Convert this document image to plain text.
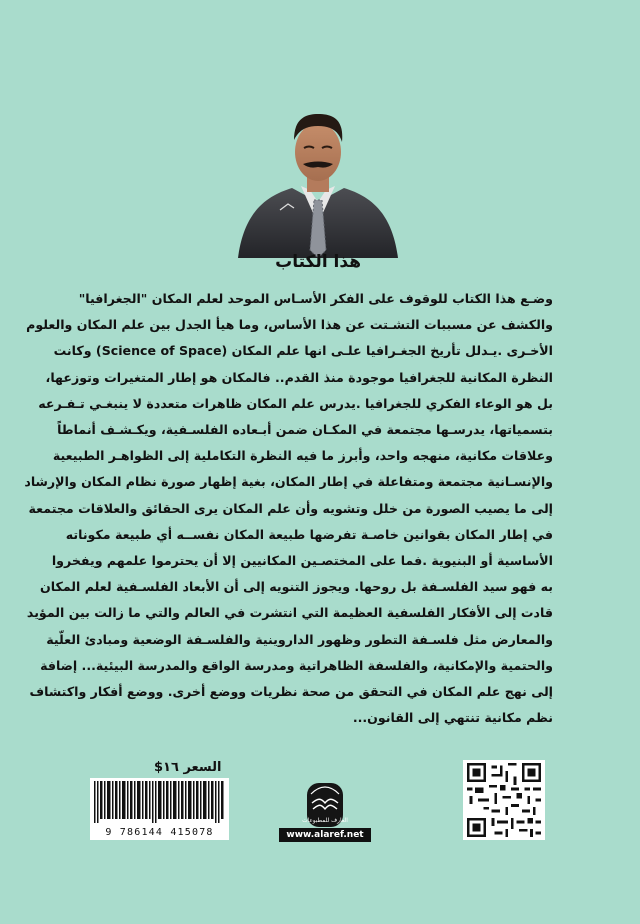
هذا الكتاب
وضـع هذا الكتاب للوقوف على الفكر الأسـاس الموحد لعلم المكان "الجغرافيا"
والكشف عن مسببات التشـتت عن هذا الأساس، وما هيأ الجدل بين علم المكان والعلوم
الأخـرى .يـدلل تأريخ الجغـرافيا علـى انها علم المكان (Science of Space) وكانت
النظرة المكانية للجغرافيا موجودة منذ القدم.. فالمكان هو إطار المتغيرات وتوزعها،
بل هو الوعاء الفكري للجغرافيا .يدرس علم المكان ظاهرات متعددة لا ينبغـي تـفـرعه
بتسمياتها، يدرسـها مجتمعة في المكـان ضمن أبـعاده الفلسـفية، ويكـشـف أنماطاً
وعلاقات مكانية، منهجه واحد، وأبرز ما فيه النظرة التكاملية إلى الظواهـر الطبيعية
والإنسـانية مجتمعة ومتفاعلة في إطار المكان، بغية إظهار صورة نظام المكان والإرشاد
إلى ما يصيب الصورة من خلل وتشويه وأن علم المكان يرى الحقائق والعلاقات مجتمعة
في إطار المكان بقوانين خاصـة تفرضها طبيعة المكان نفســه أي طبيعة مكوناته
الأساسية أو البنيوية .فما على المختصـين المكانيين إلا أن يحترموا علمهم ويفخروا
به فهو سيد الفلسـفة بل روحها. ويجوز التنويه إلى أن الأبعاد الفلسـفية لعلم المكان
قادت إلى الأفكار الفلسفية العظيمة التي انتشرت في العالم والتي ما زالت بين المؤيد
والمعارض مثل فلسـفة التطور وظهور الداروينية والفلسـفة الوضعية ومبادئ العلّية
والحتمية والإمكانية، والفلسفة الظاهراتية ومدرسة الواقع والمدرسة البيئية... إضافة
إلى نهج علم المكان في التحقق من صحة نظريات ووضع أخرى. ووضع أفكار واكتشاف
نظم مكانية تنتهي إلى القانون...
العارف للمطبوعات
www.alaref.net
السعر ١٦$
9 786144 415078
